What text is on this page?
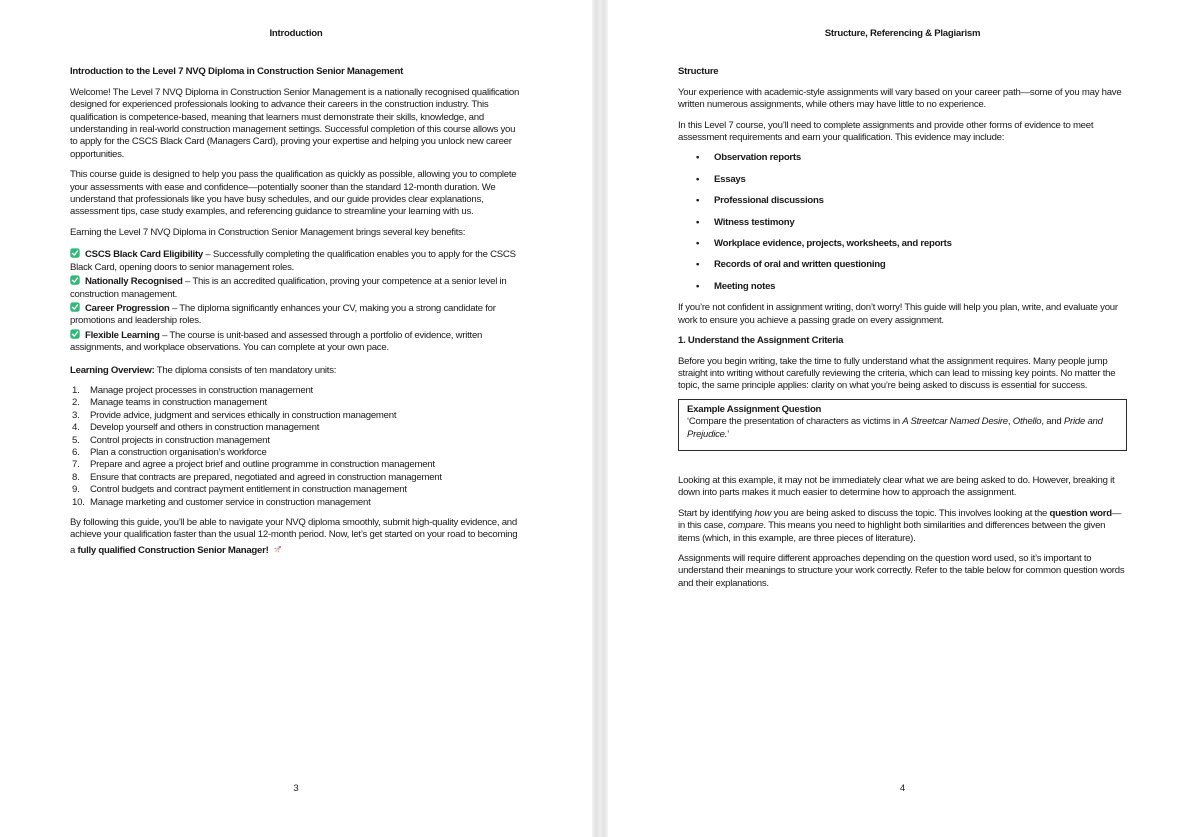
Introduction
Introduction to the Level 7 NVQ Diploma in Construction Senior Management

Welcome! The Level 7 NVQ Diploma in Construction Senior Management is a nationally recognised qualification designed for experienced professionals looking to advance their careers in the construction industry. This qualification is competence-based, meaning that learners must demonstrate their skills, knowledge, and understanding in real-world construction management settings. Successful completion of this course allows you to apply for the CSCS Black Card (Managers Card), proving your expertise and helping you unlock new career opportunities.

This course guide is designed to help you pass the qualification as quickly as possible, allowing you to complete your assessments with ease and confidence—potentially sooner than the standard 12-month duration. We understand that professionals like you have busy schedules, and our guide provides clear explanations, assessment tips, case study examples, and referencing guidance to streamline your learning with us.

Earning the Level 7 NVQ Diploma in Construction Senior Management brings several key benefits:

CSCS Black Card Eligibility – Successfully completing the qualification enables you to apply for the CSCS Black Card, opening doors to senior management roles.
Nationally Recognised – This is an accredited qualification, proving your competence at a senior level in construction management.
Career Progression – The diploma significantly enhances your CV, making you a strong candidate for promotions and leadership roles.
Flexible Learning – The course is unit-based and assessed through a portfolio of evidence, written assignments, and workplace observations. You can complete at your own pace.

Learning Overview: The diploma consists of ten mandatory units:

1.	Manage project processes in construction management
2.	Manage teams in construction management
3.	Provide advice, judgment and services ethically in construction management
4.	Develop yourself and others in construction management
5.	Control projects in construction management
6.	Plan a construction organisation’s workforce
7.	Prepare and agree a project brief and outline programme in construction management
8.	Ensure that contracts are prepared, negotiated and agreed in construction management
9.	Control budgets and contract payment entitlement in construction management
10. Manage marketing and customer service in construction management

By following this guide, you’ll be able to navigate your NVQ diploma smoothly, submit high-quality evidence, and achieve your qualification faster than the usual 12-month period. Now, let’s get started on your road to becoming a fully qualified Construction Senior Manager!

3
Structure, Referencing & Plagiarism
Structure

Your experience with academic-style assignments will vary based on your career path—some of you may have written numerous assignments, while others may have little to no experience.

In this Level 7 course, you’ll need to complete assignments and provide other forms of evidence to meet assessment requirements and earn your qualification. This evidence may include:

• Observation reports
• Essays
• Professional discussions
• Witness testimony
• Workplace evidence, projects, worksheets, and reports
• Records of oral and written questioning
• Meeting notes

If you’re not confident in assignment writing, don’t worry! This guide will help you plan, write, and evaluate your work to ensure you achieve a passing grade on every assignment.

1. Understand the Assignment Criteria

Before you begin writing, take the time to fully understand what the assignment requires. Many people jump straight into writing without carefully reviewing the criteria, which can lead to missing key points. No matter the topic, the same principle applies: clarity on what you’re being asked to discuss is essential for success.

Example Assignment Question
‘Compare the presentation of characters as victims in A Streetcar Named Desire, Othello, and Pride and Prejudice.’

Looking at this example, it may not be immediately clear what we are being asked to do. However, breaking it down into parts makes it much easier to determine how to approach the assignment.

Start by identifying how you are being asked to discuss the topic. This involves looking at the question word—in this case, compare. This means you need to highlight both similarities and differences between the given items (which, in this example, are three pieces of literature).

Assignments will require different approaches depending on the question word used, so it’s important to understand their meanings to structure your work correctly. Refer to the table below for common question words and their explanations.

4
